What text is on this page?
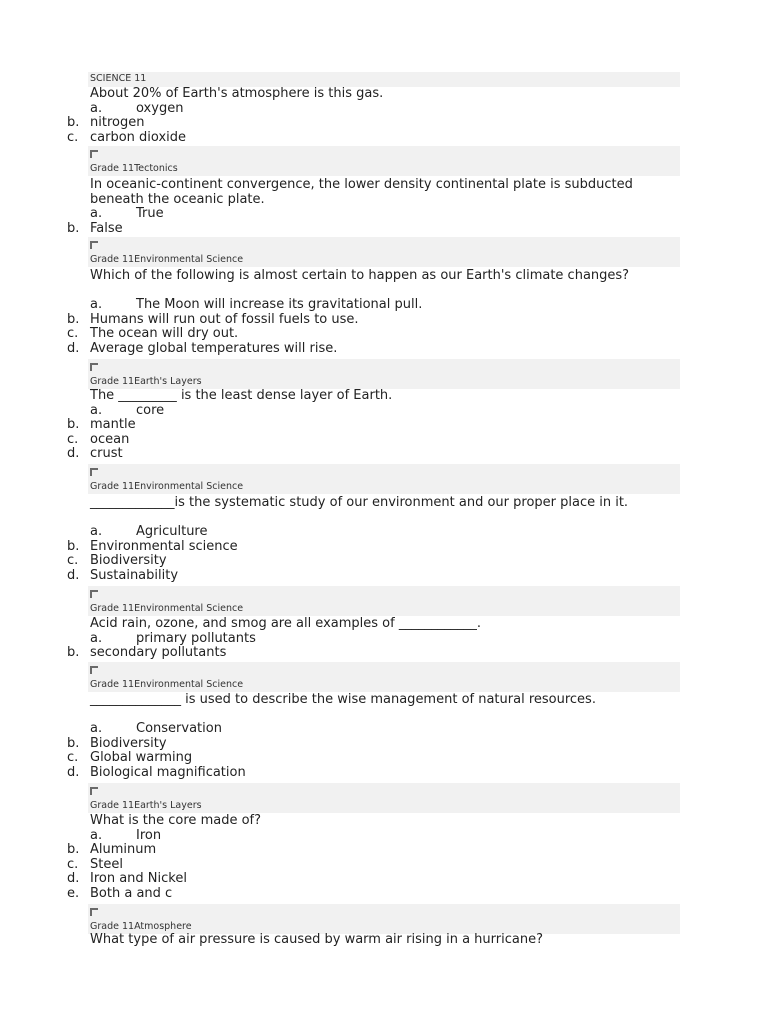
SCIENCE 11

About 20% of Earth's atmosphere is this gas.

a.	oxygen
b. nitrogen
c. carbon dioxide
Grade 11Tectonics

In oceanic-continent convergence, the lower density continental plate is subducted beneath the oceanic plate.

a.	True
b. False
Grade 11Environmental Science

Which of the following is almost certain to happen as our Earth's climate changes?

a.	The Moon will increase its gravitational pull.
b. Humans will run out of fossil fuels to use.
c. The ocean will dry out.
d. Average global temperatures will rise.
Grade 11Earth's Layers

The _________ is the least dense layer of Earth.

a.	core
b. mantle
c. ocean
d. crust
Grade 11Environmental Science

_____________is the systematic study of our environment and our proper place in it.

a.	Agriculture
b. Environmental science
c. Biodiversity
d. Sustainability
Grade 11Environmental Science

Acid rain, ozone, and smog are all examples of ____________.

a.	primary pollutants
b. secondary pollutants
Grade 11Environmental Science

______________ is used to describe the wise management of natural resources.

a.	Conservation
b. Biodiversity
c. Global warming
d. Biological magnification
Grade 11Earth's Layers

What is the core made of?

a.	Iron
b. Aluminum
c. Steel
d. Iron and Nickel
e. Both a and c
Grade 11Atmosphere

What type of air pressure is caused by warm air rising in a hurricane?
